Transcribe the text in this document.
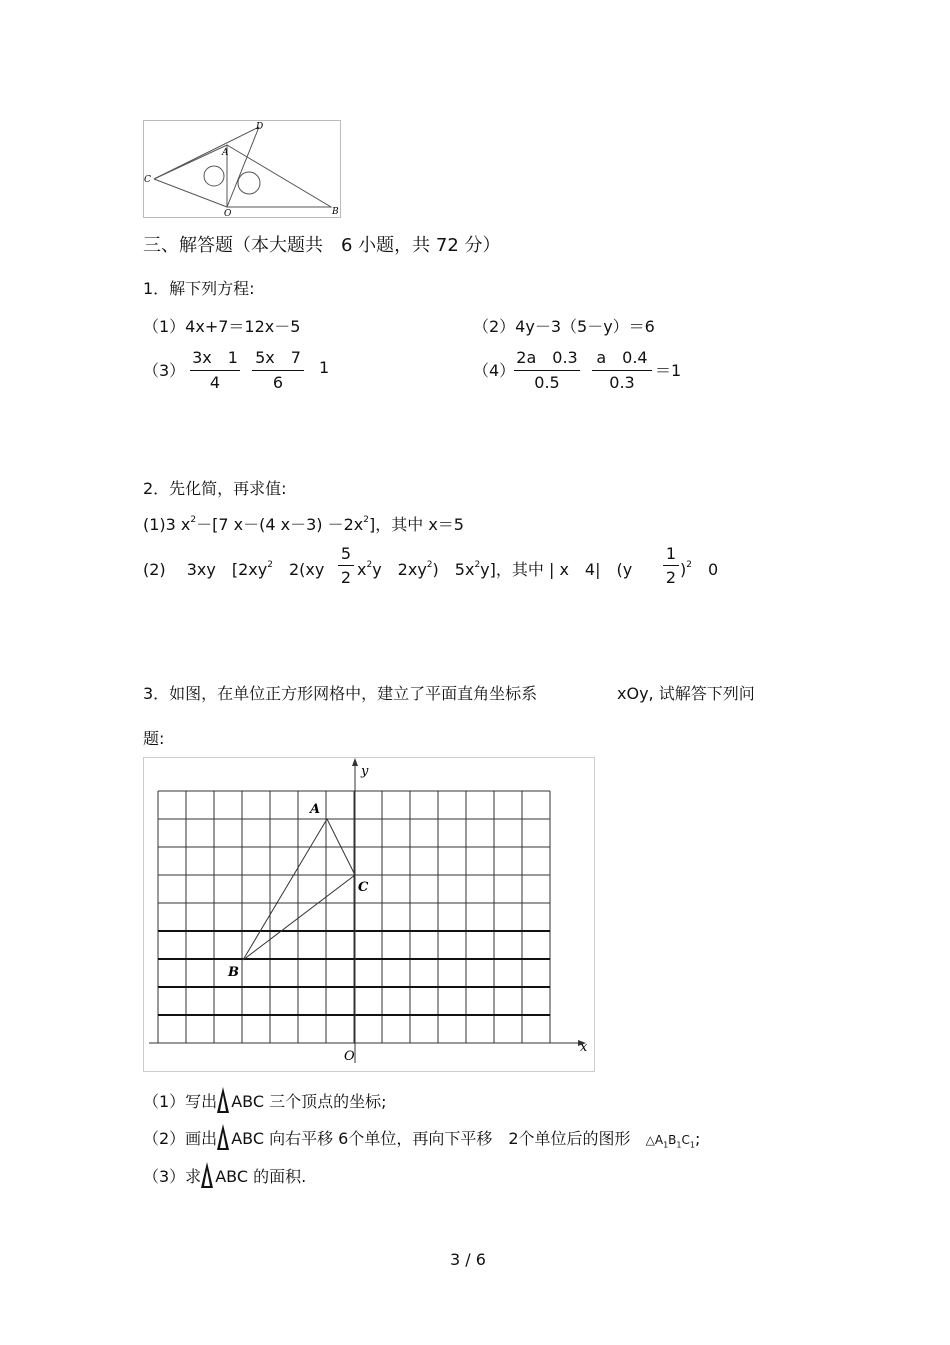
A
D
C
O	B
三、解答题（本大题共　6 小题，共 72 分）
1．解下列方程:
（1）4x+7＝12x－5	（2）4y－3（5－y）＝6
（3）
3x　1
4
5x　7
6
1	（4）
2a　0.3
0.5
a　0.4
0.3
＝1
2．先化简，再求值:
(1)3 $x^2-[7$ x－(4 $x-3) -2x^2$]，其中 x＝5
(2)　 3xy　[$2xy^2$　2(xy
5
2 $x^2y$　$2xy^2$)　$5x^2y$]，其中 | x　4|　(y
1
2 )$^2$　0
3．如图，在单位正方形网格中，建立了平面直角坐标系	xOy, 试解答下列问
题:
y
x
O
A
B
C
（1）写出 ABC 三个顶点的坐标;
（2）画出 ABC 向右平移 6个单位，再向下平移　2个单位后的图形 $\triangle A_1B_1C_1$;
（3）求 ABC 的面积.
3 / 6
